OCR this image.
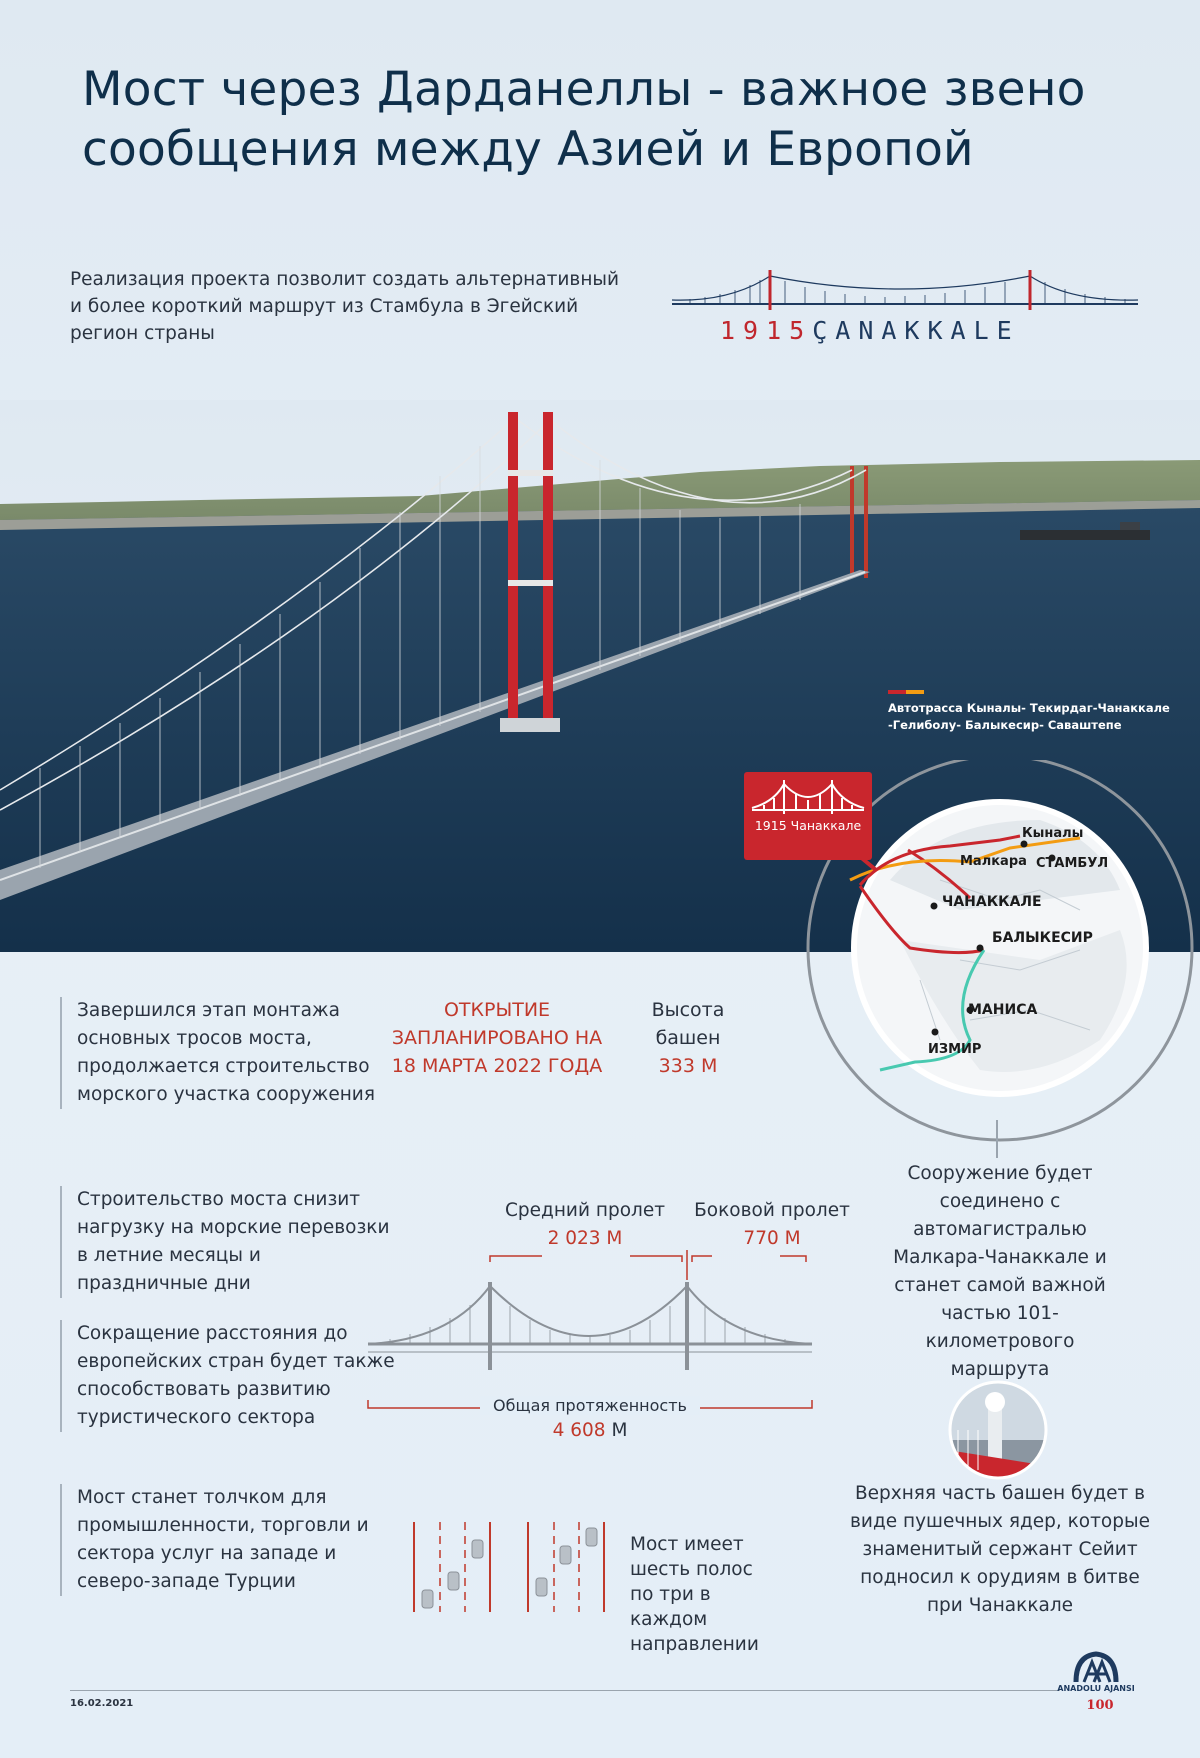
Мост через Дарданеллы - важное звено сообщения между Азией и Европой
Реализация проекта позволит создать альтернативный и более короткий маршрут из Стамбула в Эгейский регион страны	1915ÇANAKKALE
Автотрасса Кыналы- Текирдаг-Чанаккале -Гелиболу- Балыкесир- Саваштепе
1915 Чанаккале
Кыналы
Малкара СТАМБУЛ
ЧАНАККАЛЕ
БАЛЫКЕСИР
МАНИСА
ИЗМИР
Завершился этап монтажа основных тросов моста, продолжается строительство морского участка сооружения
Строительство моста снизит нагрузку на морские перевозки в летние месяцы и праздничные дни
Сокращение расстояния до европейских стран будет также способствовать развитию туристического сектора
Мост станет толчком для промышленности, торговли и сектора услуг на западе и северо-западе Турции
ОТКРЫТИЕ ЗАПЛАНИРОВАНО НА 18 МАРТА 2022 ГОДА
Высота башен
333 М
Средний пролет
2 023 М
Боковой пролет
770 М
Общая протяженность
4 608 М
Мост имеет шесть полос по три в каждом направлении
Сооружение будет соединено с автомагистралью Малкара-Чанаккале и станет самой важной частью 101-километрового маршрута
Верхняя часть башен будет в виде пушечных ядер, которые знаменитый сержант Сейит подносил к орудиям в битве при Чанаккале
16.02.2021
ANADOLU AJANSI
100
